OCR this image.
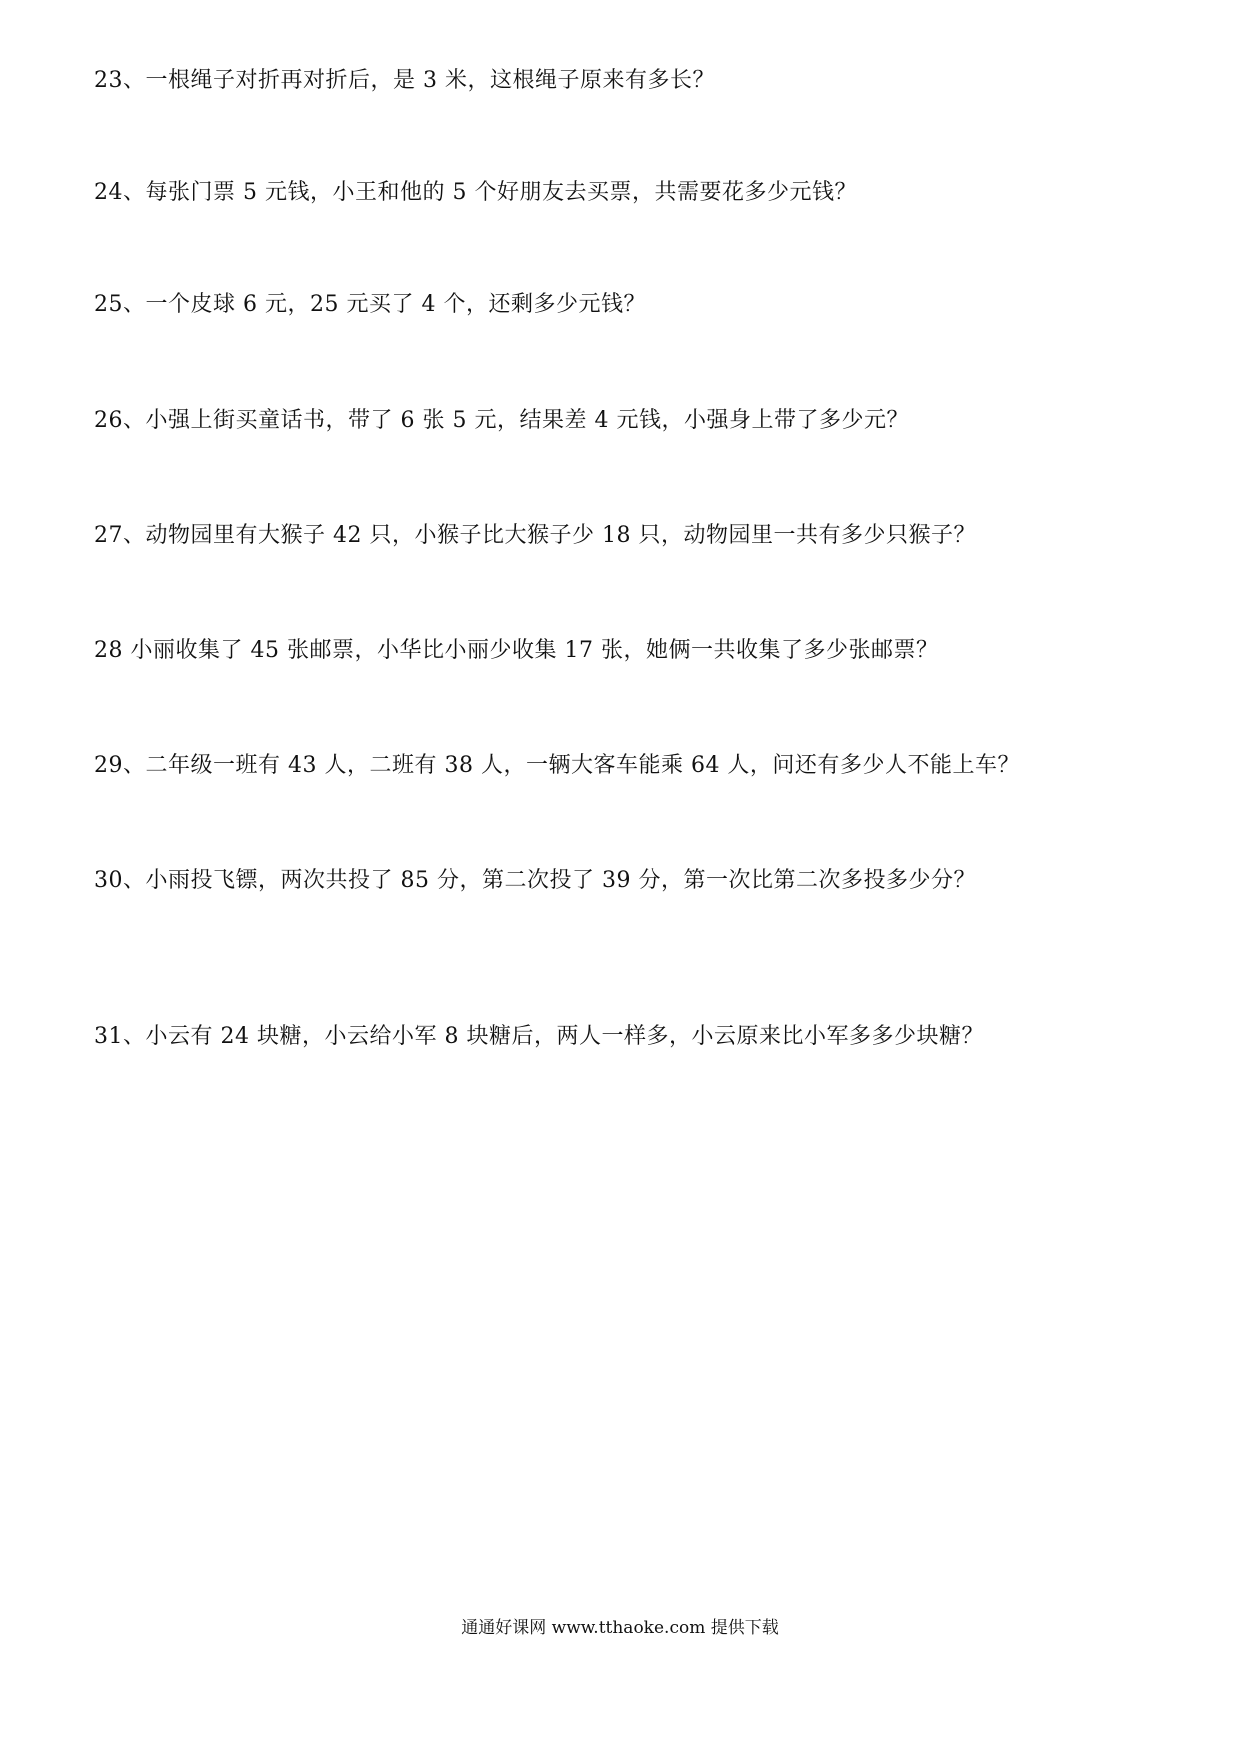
23、一根绳子对折再对折后，是 3 米，这根绳子原来有多长？
24、每张门票 5 元钱，小王和他的 5 个好朋友去买票，共需要花多少元钱？
25、一个皮球 6 元，25 元买了 4 个，还剩多少元钱？
26、小强上街买童话书，带了 6 张 5 元，结果差 4 元钱，小强身上带了多少元？
27、动物园里有大猴子 42 只，小猴子比大猴子少 18 只，动物园里一共有多少只猴子？
28 小丽收集了 45 张邮票，小华比小丽少收集 17 张，她俩一共收集了多少张邮票？
29、二年级一班有 43 人，二班有 38 人，一辆大客车能乘 64 人，问还有多少人不能上车？
30、小雨投飞镖，两次共投了 85 分，第二次投了 39 分，第一次比第二次多投多少分？
31、小云有 24 块糖，小云给小军 8 块糖后，两人一样多，小云原来比小军多多少块糖？
通通好课网 www.tthaoke.com 提供下载
